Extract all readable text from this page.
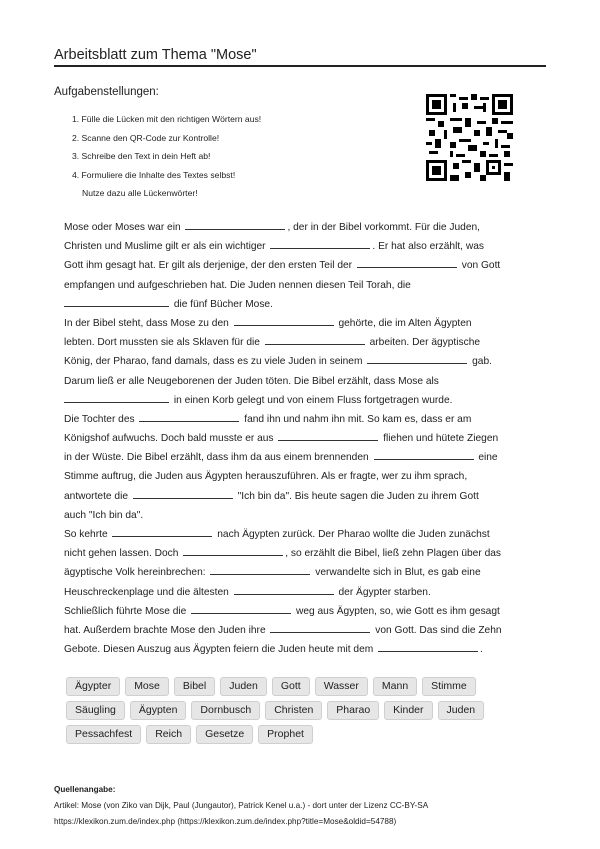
Arbeitsblatt zum Thema "Mose"
Aufgabenstellungen:
1. Fülle die Lücken mit den richtigen Wörtern aus!
2. Scanne den QR-Code zur Kontrolle!
3. Schreibe den Text in dein Heft ab!
4. Formuliere die Inhalte des Textes selbst!
Nutze dazu alle Lückenwörter!
Mose oder Moses war ein	, der in der Bibel vorkommt. Für die Juden,
Christen und Muslime gilt er als ein wichtiger	. Er hat also erzählt, was
Gott ihm gesagt hat. Er gilt als derjenige, der den ersten Teil der	von Gott
empfangen und aufgeschrieben hat. Die Juden nennen diesen Teil Torah, die
die fünf Bücher Mose.
In der Bibel steht, dass Mose zu den	gehörte, die im Alten Ägypten
lebten. Dort mussten sie als Sklaven für die	arbeiten. Der ägyptische
König, der Pharao, fand damals, dass es zu viele Juden in seinem	gab.
Darum ließ er alle Neugeborenen der Juden töten. Die Bibel erzählt, dass Mose als
in einen Korb gelegt und von einem Fluss fortgetragen wurde.
Die Tochter des	fand ihn und nahm ihn mit. So kam es, dass er am
Königshof aufwuchs. Doch bald musste er aus	fliehen und hütete Ziegen
in der Wüste. Die Bibel erzählt, dass ihm da aus einem brennenden	eine
Stimme auftrug, die Juden aus Ägypten herauszuführen. Als er fragte, wer zu ihm sprach,
antwortete die	"Ich bin da". Bis heute sagen die Juden zu ihrem Gott
auch "Ich bin da".
So kehrte	nach Ägypten zurück. Der Pharao wollte die Juden zunächst
nicht gehen lassen. Doch	, so erzählt die Bibel, ließ zehn Plagen über das
ägyptische Volk hereinbrechen:	verwandelte sich in Blut, es gab eine
Heuschreckenplage und die ältesten	der Ägypter starben.
Schließlich führte Mose die	weg aus Ägypten, so, wie Gott es ihm gesagt
hat. Außerdem brachte Mose den Juden ihre	von Gott. Das sind die Zehn
Gebote. Diesen Auszug aus Ägypten feiern die Juden heute mit dem	.
Ägypter	Mose	Bibel	Juden	Gott	Wasser	Mann	Stimme
Säugling	Ägypten	Dornbusch	Christen	Pharao	Kinder	Juden
Pessachfest	Reich	Gesetze	Prophet
Quellenangabe:
Artikel: Mose (von Ziko van Dijk, Paul (Jungautor), Patrick Kenel u.a.) - dort unter der Lizenz CC-BY-SA
https://klexikon.zum.de/index.php (https://klexikon.zum.de/index.php?title=Mose&oldid=54788)
